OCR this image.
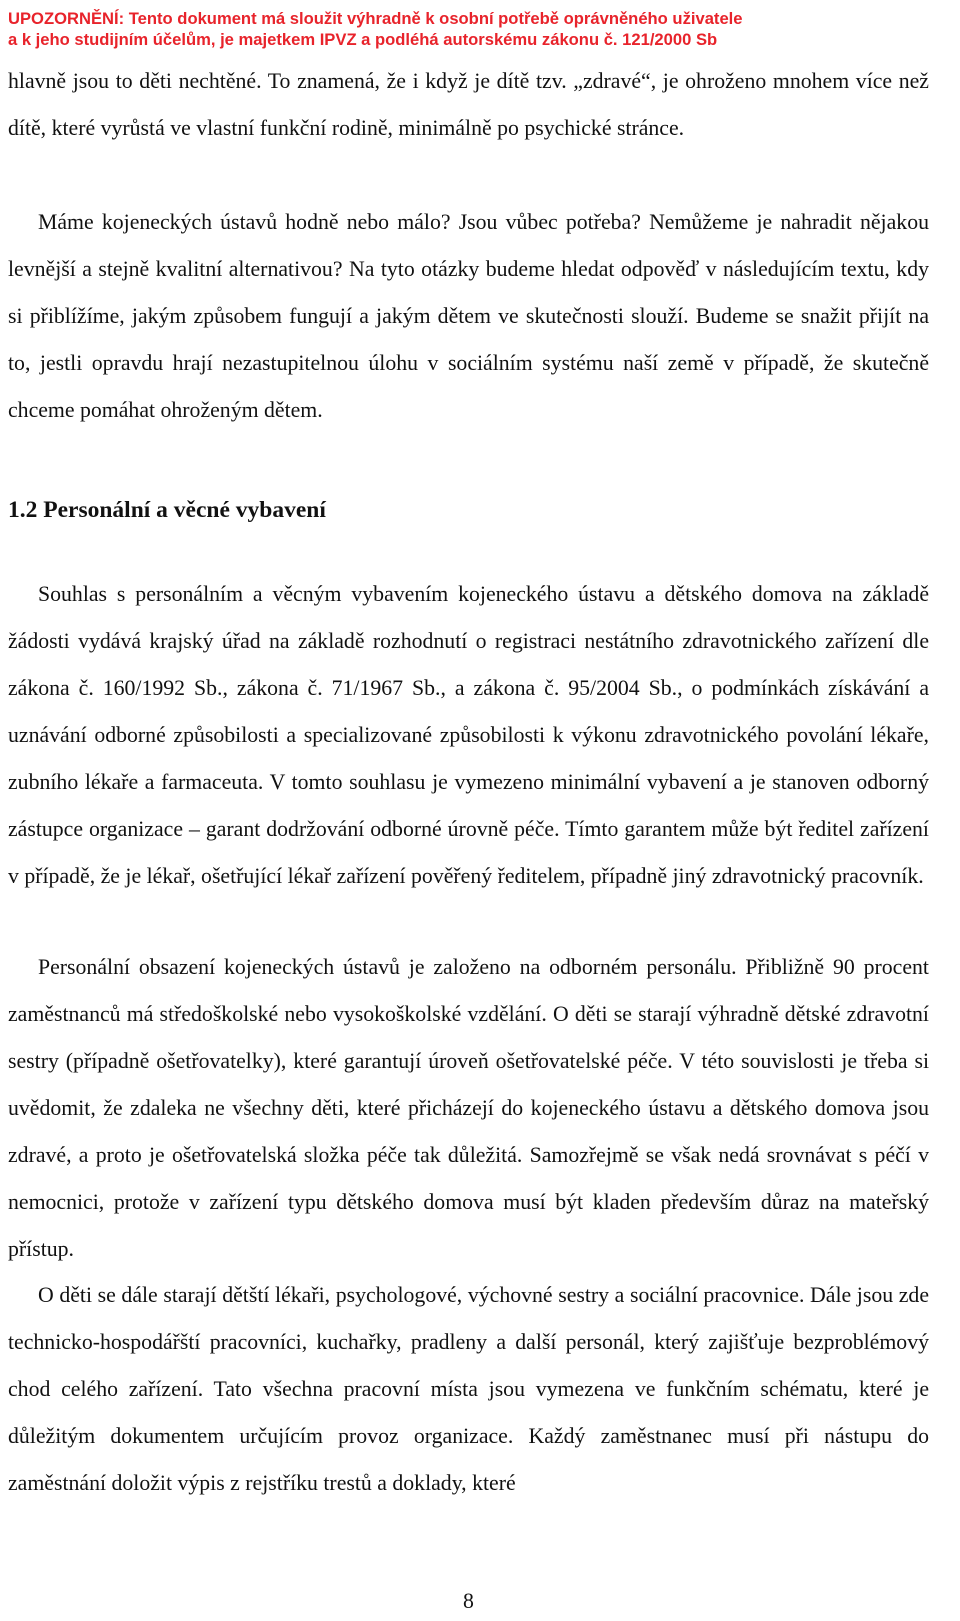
UPOZORNĚNÍ: Tento dokument má sloužit výhradně k osobní potřebě oprávněného uživatele
a k jeho studijním účelům, je majetkem IPVZ a podléhá autorskému zákonu č. 121/2000 Sb

hlavně jsou to děti nechtěné. To znamená, že i když je dítě tzv. „zdravé“, je ohroženo mnohem více než dítě, které vyrůstá ve vlastní funkční rodině, minimálně po psychické stránce.

Máme kojeneckých ústavů hodně nebo málo? Jsou vůbec potřeba? Nemůžeme je nahradit nějakou levnější a stejně kvalitní alternativou? Na tyto otázky budeme hledat odpověď v následujícím textu, kdy si přiblížíme, jakým způsobem fungují a jakým dětem ve skutečnosti slouží. Budeme se snažit přijít na to, jestli opravdu hrají nezastupitelnou úlohu v sociálním systému naší země v případě, že skutečně chceme pomáhat ohroženým dětem.

1.2 Personální a věcné vybavení

Souhlas s personálním a věcným vybavením kojeneckého ústavu a dětského domova na základě žádosti vydává krajský úřad na základě rozhodnutí o registraci nestátního zdravotnického zařízení dle zákona č. 160/1992 Sb., zákona č. 71/1967 Sb., a zákona č. 95/2004 Sb., o podmínkách získávání a uznávání odborné způsobilosti a specializované způsobilosti k výkonu zdravotnického povolání lékaře, zubního lékaře a farmaceuta. V tomto souhlasu je vymezeno minimální vybavení a je stanoven odborný zástupce organizace – garant dodržování odborné úrovně péče. Tímto garantem může být ředitel zařízení v případě, že je lékař, ošetřující lékař zařízení pověřený ředitelem, případně jiný zdravotnický pracovník.

Personální obsazení kojeneckých ústavů je založeno na odborném personálu. Přibližně 90 procent zaměstnanců má středoškolské nebo vysokoškolské vzdělání. O děti se starají výhradně dětské zdravotní sestry (případně ošetřovatelky), které garantují úroveň ošetřovatelské péče. V této souvislosti je třeba si uvědomit, že zdaleka ne všechny děti, které přicházejí do kojeneckého ústavu a dětského domova jsou zdravé, a proto je ošetřovatelská složka péče tak důležitá. Samozřejmě se však nedá srovnávat s péčí v nemocnici, protože v zařízení typu dětského domova musí být kladen především důraz na mateřský přístup.

O děti se dále starají dětští lékaři, psychologové, výchovné sestry a sociální pracovnice. Dále jsou zde technicko-hospodářští pracovníci, kuchařky, pradleny a další personál, který zajišťuje bezproblémový chod celého zařízení. Tato všechna pracovní místa jsou vymezena ve funkčním schématu, které je důležitým dokumentem určujícím provoz organizace. Každý zaměstnanec musí při nástupu do zaměstnání doložit výpis z rejstříku trestů a doklady, které

8
